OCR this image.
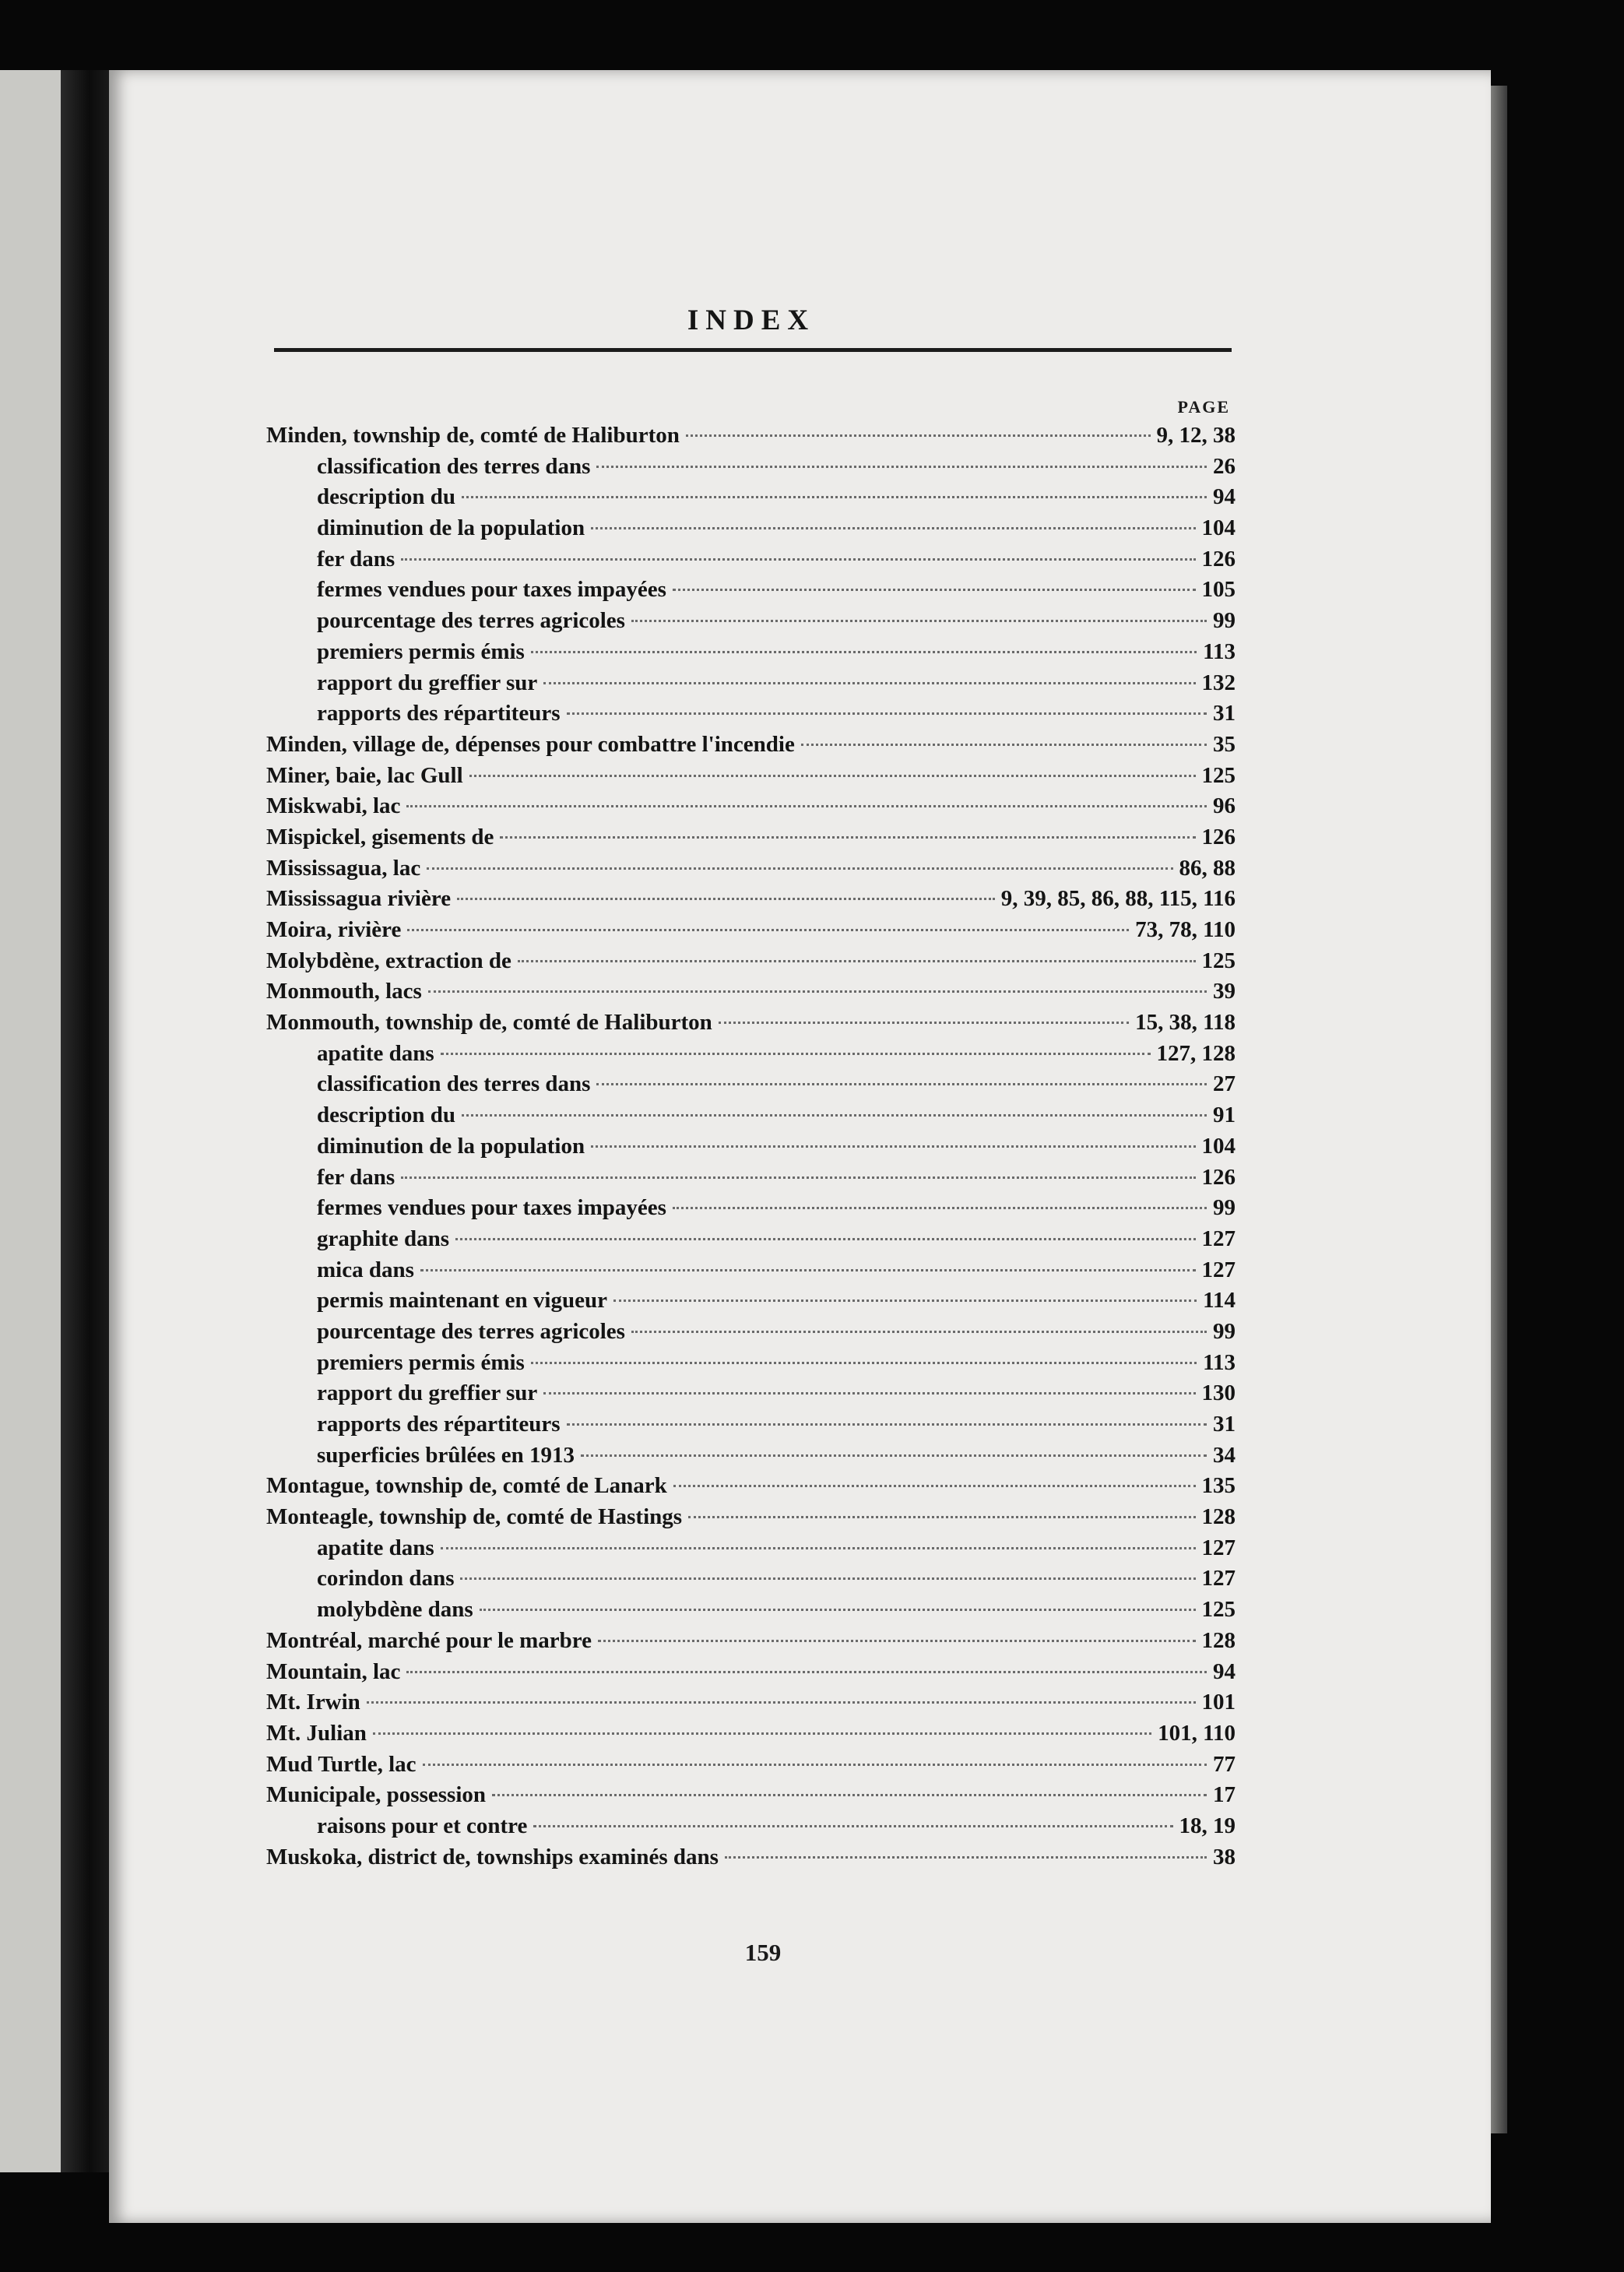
INDEX
PAGE
Minden, township de, comté de Haliburton	9, 12, 38
classification des terres dans	26
description du	94
diminution de la population	104
fer dans	126
fermes vendues pour taxes impayées	105
pourcentage des terres agricoles	99
premiers permis émis	113
rapport du greffier sur	132
rapports des répartiteurs	31
Minden, village de, dépenses pour combattre l'incendie	35
Miner, baie, lac Gull	125
Miskwabi, lac	96
Mispickel, gisements de	126
Mississagua, lac	86, 88
Mississagua rivière	9, 39, 85, 86, 88, 115, 116
Moira, rivière	73, 78, 110
Molybdène, extraction de	125
Monmouth, lacs	39
Monmouth, township de, comté de Haliburton	15, 38, 118
apatite dans	127, 128
classification des terres dans	27
description du	91
diminution de la population	104
fer dans	126
fermes vendues pour taxes impayées	99
graphite dans	127
mica dans	127
permis maintenant en vigueur	114
pourcentage des terres agricoles	99
premiers permis émis	113
rapport du greffier sur	130
rapports des répartiteurs	31
superficies brûlées en 1913	34
Montague, township de, comté de Lanark	135
Monteagle, township de, comté de Hastings	128
apatite dans	127
corindon dans	127
molybdène dans	125
Montréal, marché pour le marbre	128
Mountain, lac	94
Mt. Irwin	101
Mt. Julian	101, 110
Mud Turtle, lac	77
Municipale, possession	17
raisons pour et contre	18, 19
Muskoka, district de, townships examinés dans	38
159
